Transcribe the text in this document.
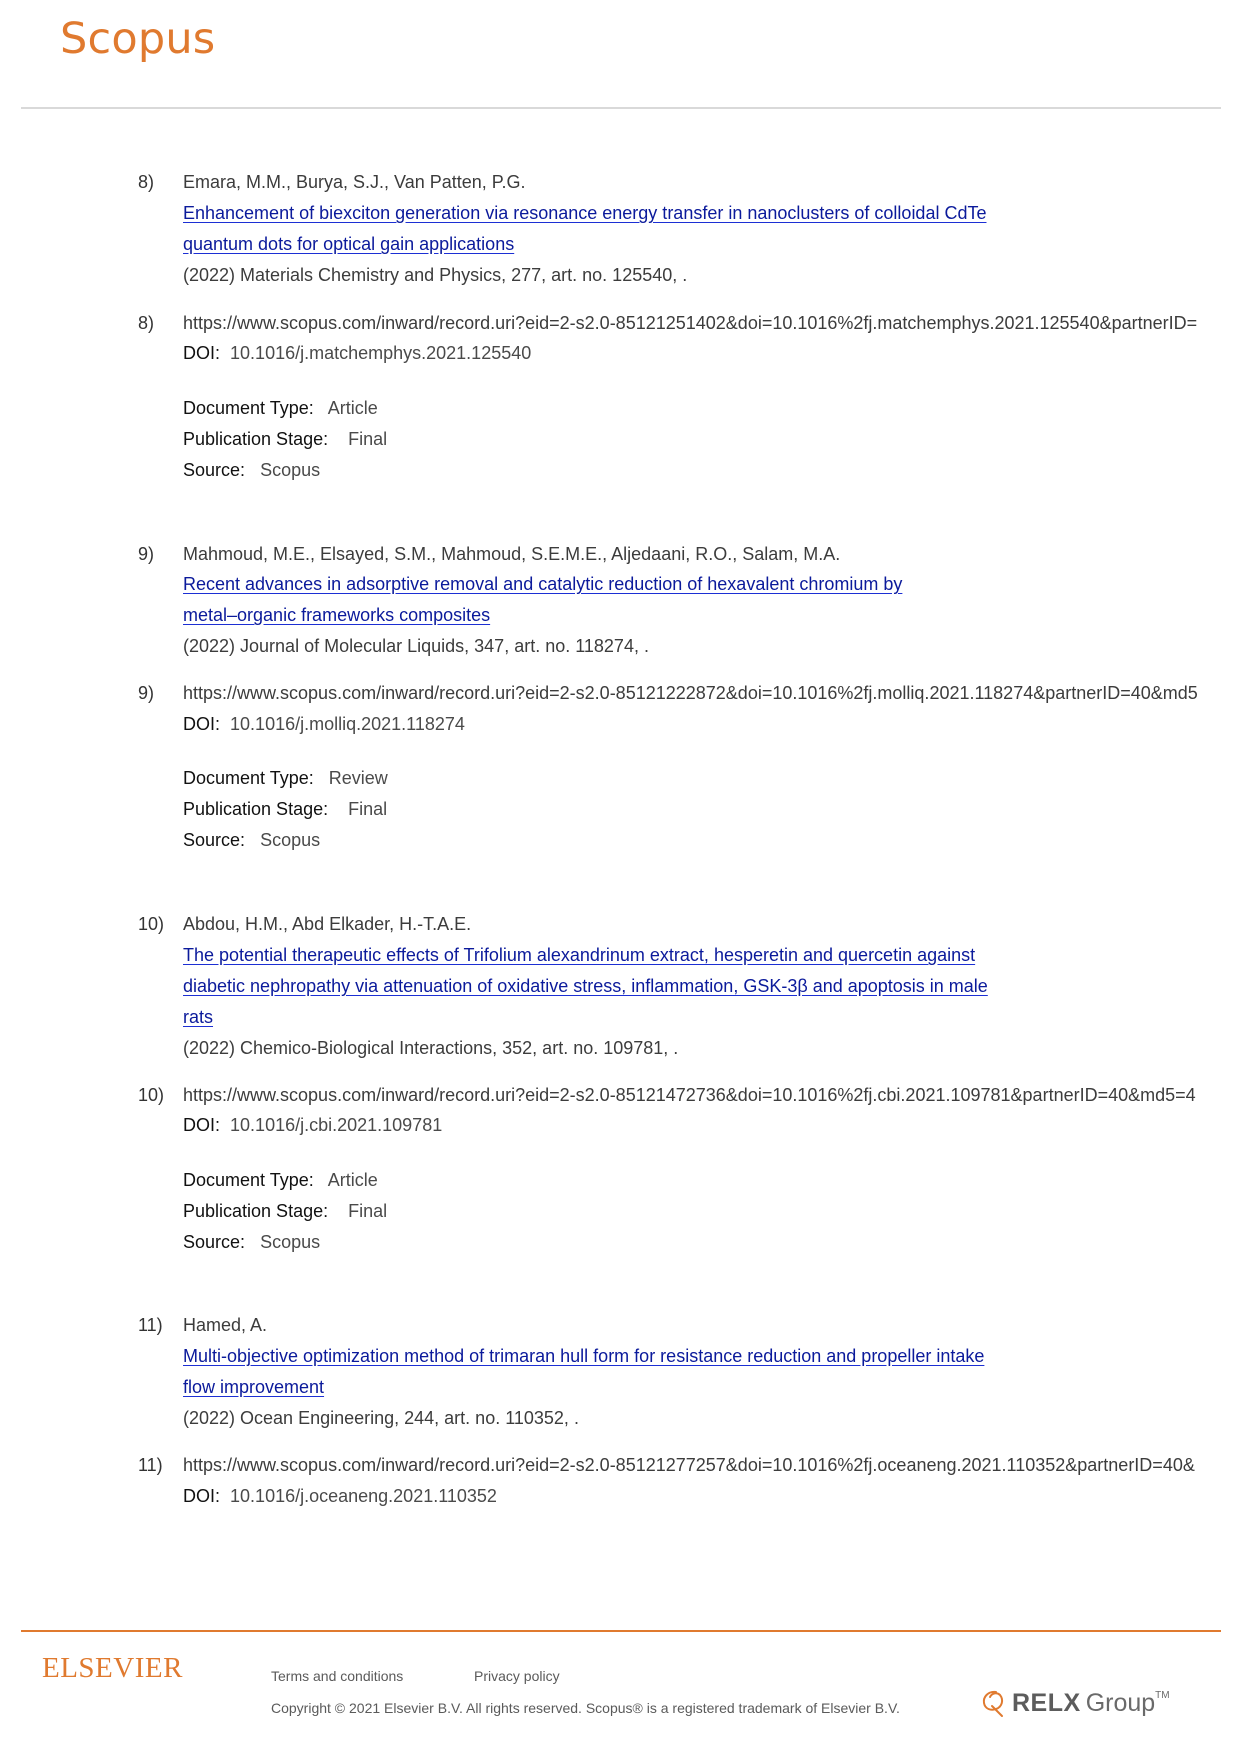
Scopus
8) Emara, M.M., Burya, S.J., Van Patten, P.G.
Enhancement of biexciton generation via resonance energy transfer in nanoclusters of colloidal CdTe
quantum dots for optical gain applications
(2022) Materials Chemistry and Physics, 277, art. no. 125540, .
8) https://www.scopus.com/inward/record.uri?eid=2-s2.0-85121251402&doi=10.1016%2fj.matchemphys.2021.125540&partnerID=
DOI: 10.1016/j.matchemphys.2021.125540
Document Type: Article
Publication Stage: Final
Source: Scopus
9) Mahmoud, M.E., Elsayed, S.M., Mahmoud, S.E.M.E., Aljedaani, R.O., Salam, M.A.
Recent advances in adsorptive removal and catalytic reduction of hexavalent chromium by
metal–organic frameworks composites
(2022) Journal of Molecular Liquids, 347, art. no. 118274, .
9) https://www.scopus.com/inward/record.uri?eid=2-s2.0-85121222872&doi=10.1016%2fj.molliq.2021.118274&partnerID=40&md5
DOI: 10.1016/j.molliq.2021.118274
Document Type: Review
Publication Stage: Final
Source: Scopus
10) Abdou, H.M., Abd Elkader, H.-T.A.E.
The potential therapeutic effects of Trifolium alexandrinum extract, hesperetin and quercetin against
diabetic nephropathy via attenuation of oxidative stress, inflammation, GSK-3β and apoptosis in male
rats
(2022) Chemico-Biological Interactions, 352, art. no. 109781, .
10) https://www.scopus.com/inward/record.uri?eid=2-s2.0-85121472736&doi=10.1016%2fj.cbi.2021.109781&partnerID=40&md5=4
DOI: 10.1016/j.cbi.2021.109781
Document Type: Article
Publication Stage: Final
Source: Scopus
11) Hamed, A.
Multi-objective optimization method of trimaran hull form for resistance reduction and propeller intake
flow improvement
(2022) Ocean Engineering, 244, art. no. 110352, .
11) https://www.scopus.com/inward/record.uri?eid=2-s2.0-85121277257&doi=10.1016%2fj.oceaneng.2021.110352&partnerID=40&
DOI: 10.1016/j.oceaneng.2021.110352
ELSEVIER	Terms and conditions	Privacy policy
Copyright © 2021 Elsevier B.V. All rights reserved. Scopus® is a registered trademark of Elsevier B.V.	RELX Group TM
